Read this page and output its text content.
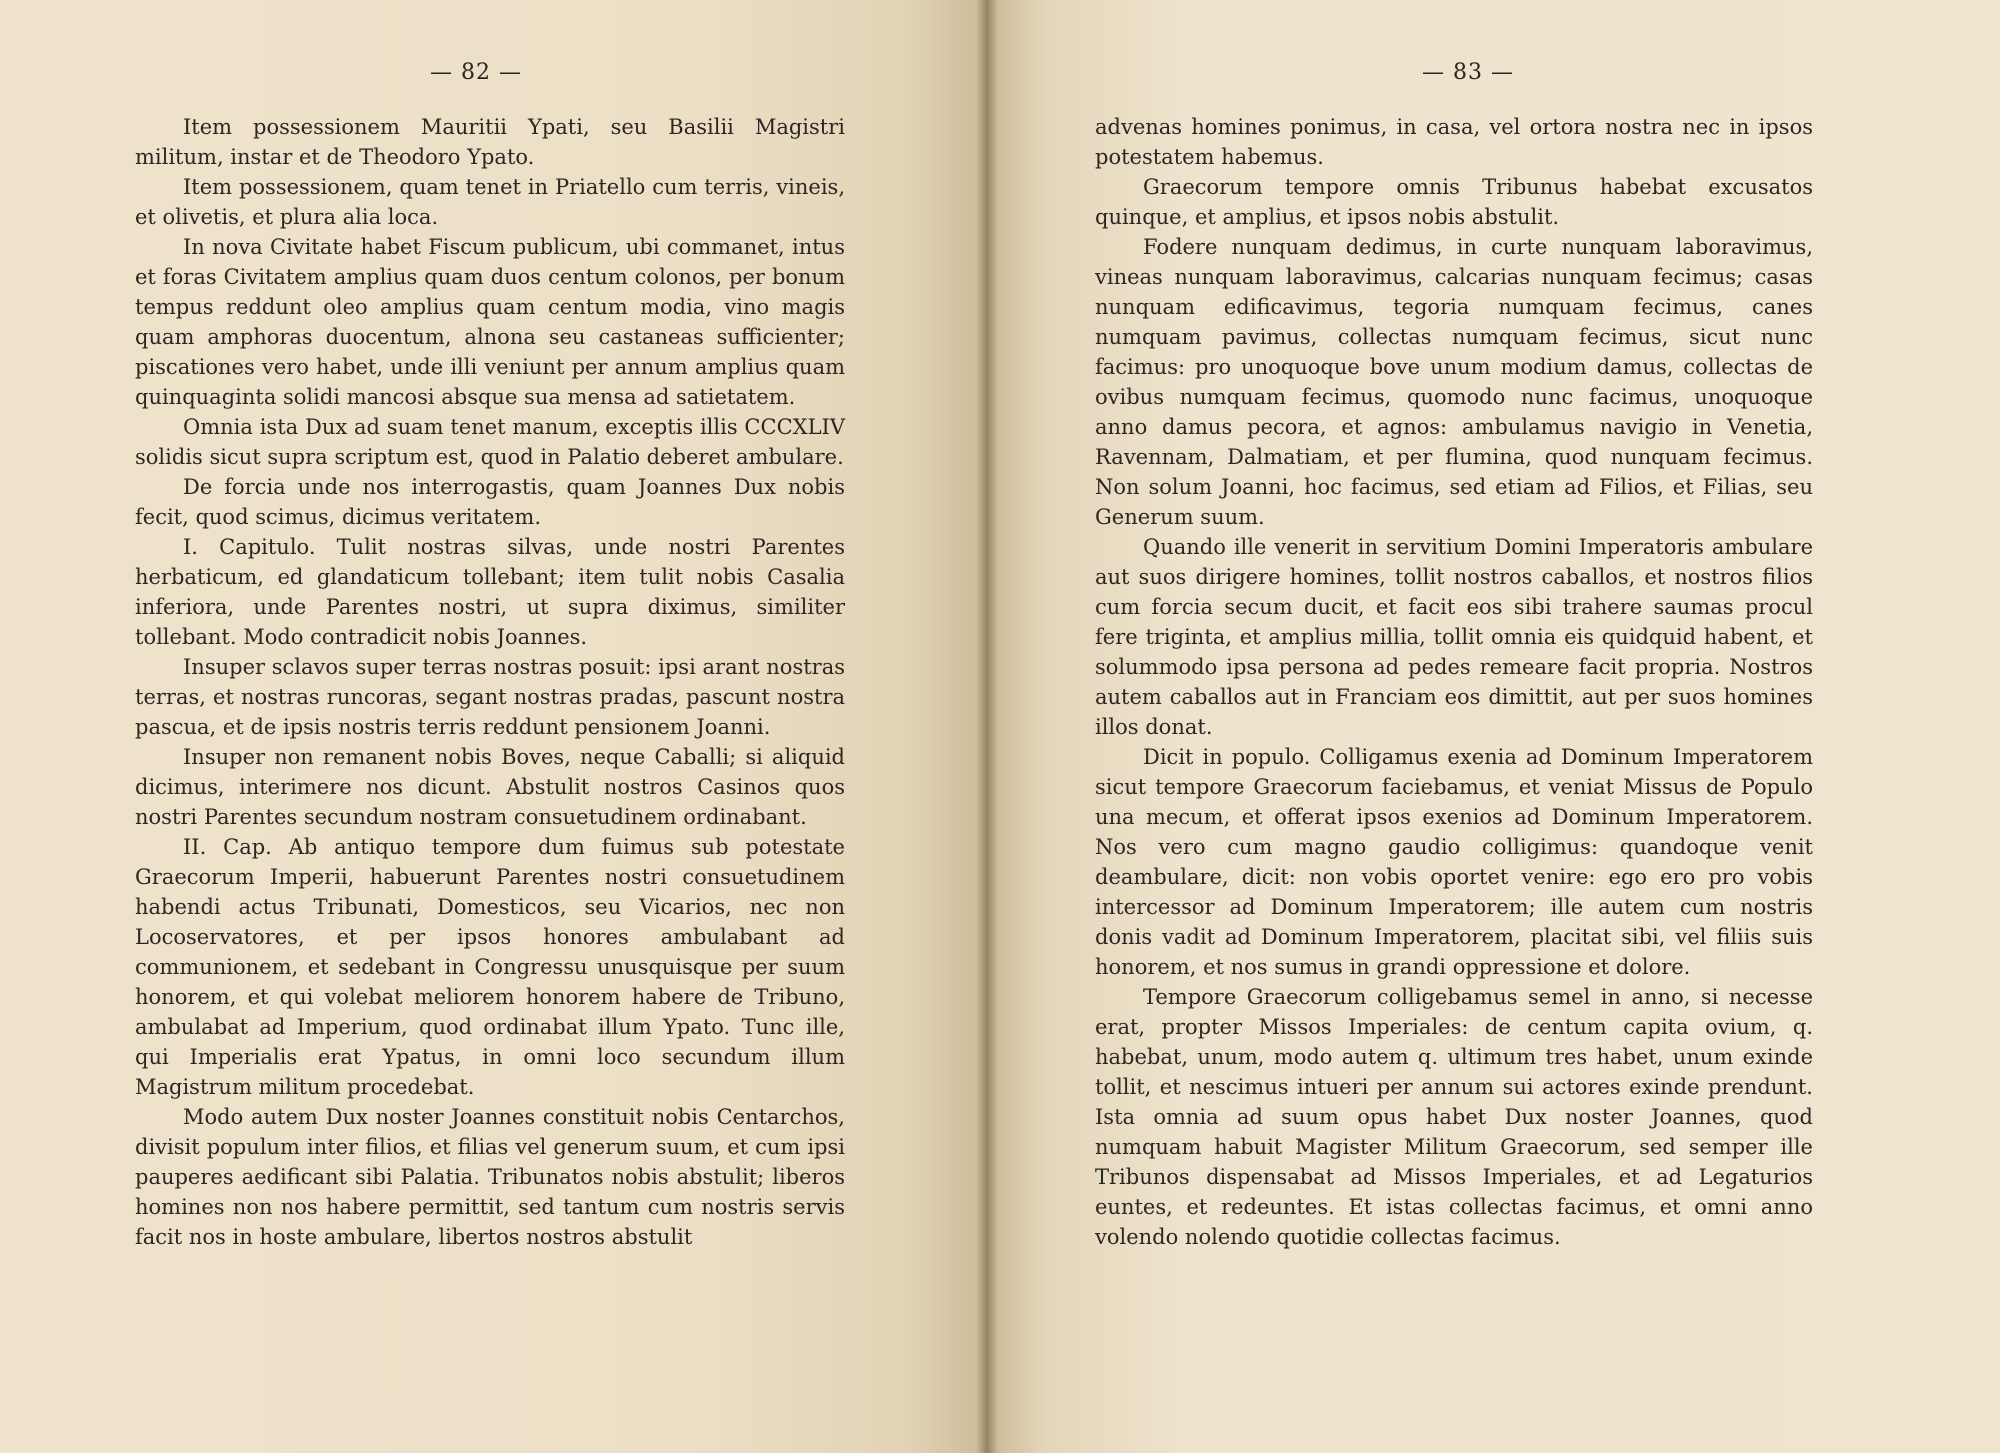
— 82 —

Item possessionem Mauritii Ypati, seu Basilii Magistri militum, instar et de Theodoro Ypato.

Item possessionem, quam tenet in Priatello cum terris, vineis, et olivetis, et plura alia loca.

In nova Civitate habet Fiscum publicum, ubi commanet, intus et foras Civitatem amplius quam duos centum colonos, per bonum tempus reddunt oleo amplius quam centum modia, vino magis quam amphoras duocentum, alnona seu castaneas sufficienter; piscationes vero habet, unde illi veniunt per annum amplius quam quinquaginta solidi mancosi absque sua mensa ad satietatem.

Omnia ista Dux ad suam tenet manum, exceptis illis CCCXLIV solidis sicut supra scriptum est, quod in Palatio deberet ambulare.

De forcia unde nos interrogastis, quam Joannes Dux nobis fecit, quod scimus, dicimus veritatem.

I. Capitulo. Tulit nostras silvas, unde nostri Parentes herbaticum, ed glandaticum tollebant; item tulit nobis Casalia inferiora, unde Parentes nostri, ut supra diximus, similiter tollebant. Modo contradicit nobis Joannes.

Insuper sclavos super terras nostras posuit: ipsi arant nostras terras, et nostras runcoras, segant nostras pradas, pascunt nostra pascua, et de ipsis nostris terris reddunt pensionem Joanni.

Insuper non remanent nobis Boves, neque Caballi; si aliquid dicimus, interimere nos dicunt. Abstulit nostros Casinos quos nostri Parentes secundum nostram consuetudinem ordinabant.

II. Cap. Ab antiquo tempore dum fuimus sub potestate Graecorum Imperii, habuerunt Parentes nostri consuetudinem habendi actus Tribunati, Domesticos, seu Vicarios, nec non Locoservatores, et per ipsos honores ambulabant ad communionem, et sedebant in Congressu unusquisque per suum honorem, et qui volebat meliorem honorem habere de Tribuno, ambulabat ad Imperium, quod ordinabat illum Ypato. Tunc ille, qui Imperialis erat Ypatus, in omni loco secundum illum Magistrum militum procedebat.

Modo autem Dux noster Joannes constituit nobis Centarchos, divisit populum inter filios, et filias vel generum suum, et cum ipsi pauperes aedificant sibi Palatia. Tribunatos nobis abstulit; liberos homines non nos habere permittit, sed tantum cum nostris servis facit nos in hoste ambulare, libertos nostros abstulit

— 83 —

advenas homines ponimus, in casa, vel ortora nostra nec in ipsos potestatem habemus.

Graecorum tempore omnis Tribunus habebat excusatos quinque, et amplius, et ipsos nobis abstulit.

Fodere nunquam dedimus, in curte nunquam laboravimus, vineas nunquam laboravimus, calcarias nunquam fecimus; casas nunquam edificavimus, tegoria numquam fecimus, canes numquam pavimus, collectas numquam fecimus, sicut nunc facimus: pro unoquoque bove unum modium damus, collectas de ovibus numquam fecimus, quomodo nunc facimus, unoquoque anno damus pecora, et agnos: ambulamus navigio in Venetia, Ravennam, Dalmatiam, et per flumina, quod nunquam fecimus. Non solum Joanni, hoc facimus, sed etiam ad Filios, et Filias, seu Generum suum.

Quando ille venerit in servitium Domini Imperatoris ambulare aut suos dirigere homines, tollit nostros caballos, et nostros filios cum forcia secum ducit, et facit eos sibi trahere saumas procul fere triginta, et amplius millia, tollit omnia eis quidquid habent, et solummodo ipsa persona ad pedes remeare facit propria. Nostros autem caballos aut in Franciam eos dimittit, aut per suos homines illos donat.

Dicit in populo. Colligamus exenia ad Dominum Imperatorem sicut tempore Graecorum faciebamus, et veniat Missus de Populo una mecum, et offerat ipsos exenios ad Dominum Imperatorem. Nos vero cum magno gaudio colligimus: quandoque venit deambulare, dicit: non vobis oportet venire: ego ero pro vobis intercessor ad Dominum Imperatorem; ille autem cum nostris donis vadit ad Dominum Imperatorem, placitat sibi, vel filiis suis honorem, et nos sumus in grandi oppressione et dolore.

Tempore Graecorum colligebamus semel in anno, si necesse erat, propter Missos Imperiales: de centum capita ovium, q. habebat, unum, modo autem q. ultimum tres habet, unum exinde tollit, et nescimus intueri per annum sui actores exinde prendunt. Ista omnia ad suum opus habet Dux noster Joannes, quod numquam habuit Magister Militum Graecorum, sed semper ille Tribunos dispensabat ad Missos Imperiales, et ad Legaturios euntes, et redeuntes. Et istas collectas facimus, et omni anno volendo nolendo quotidie collectas facimus.
